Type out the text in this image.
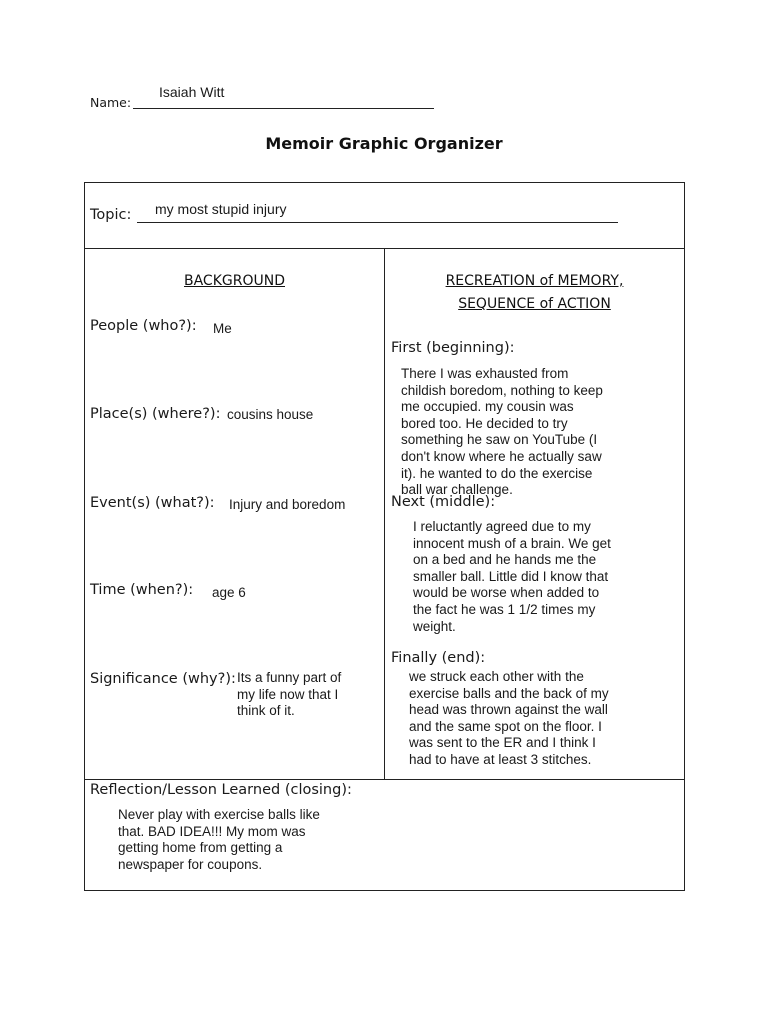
Isaiah Witt
Name:
Memoir Graphic Organizer
Topic: my most stupid injury
BACKGROUND
People (who?): Me
Place(s) (where?): cousins house
Event(s) (what?): Injury and boredom
Time (when?): age 6
Significance (why?): Its a funny part of
my life now that I
think of it.
RECREATION of MEMORY,
SEQUENCE of ACTION
First (beginning):
There I was exhausted from
childish boredom, nothing to keep
me occupied. my cousin was
bored too. He decided to try
something he saw on YouTube (I
don't know where he actually saw
it). he wanted to do the exercise
ball war challenge.
Next (middle):
I reluctantly agreed due to my
innocent mush of a brain. We get
on a bed and he hands me the
smaller ball. Little did I know that
would be worse when added to
the fact he was 1 1/2 times my
weight.
Finally (end):
we struck each other with the
exercise balls and the back of my
head was thrown against the wall
and the same spot on the floor. I
was sent to the ER and I think I
had to have at least 3 stitches.
Reflection/Lesson Learned (closing):
Never play with exercise balls like
that. BAD IDEA!!! My mom was
getting home from getting a
newspaper for coupons.
